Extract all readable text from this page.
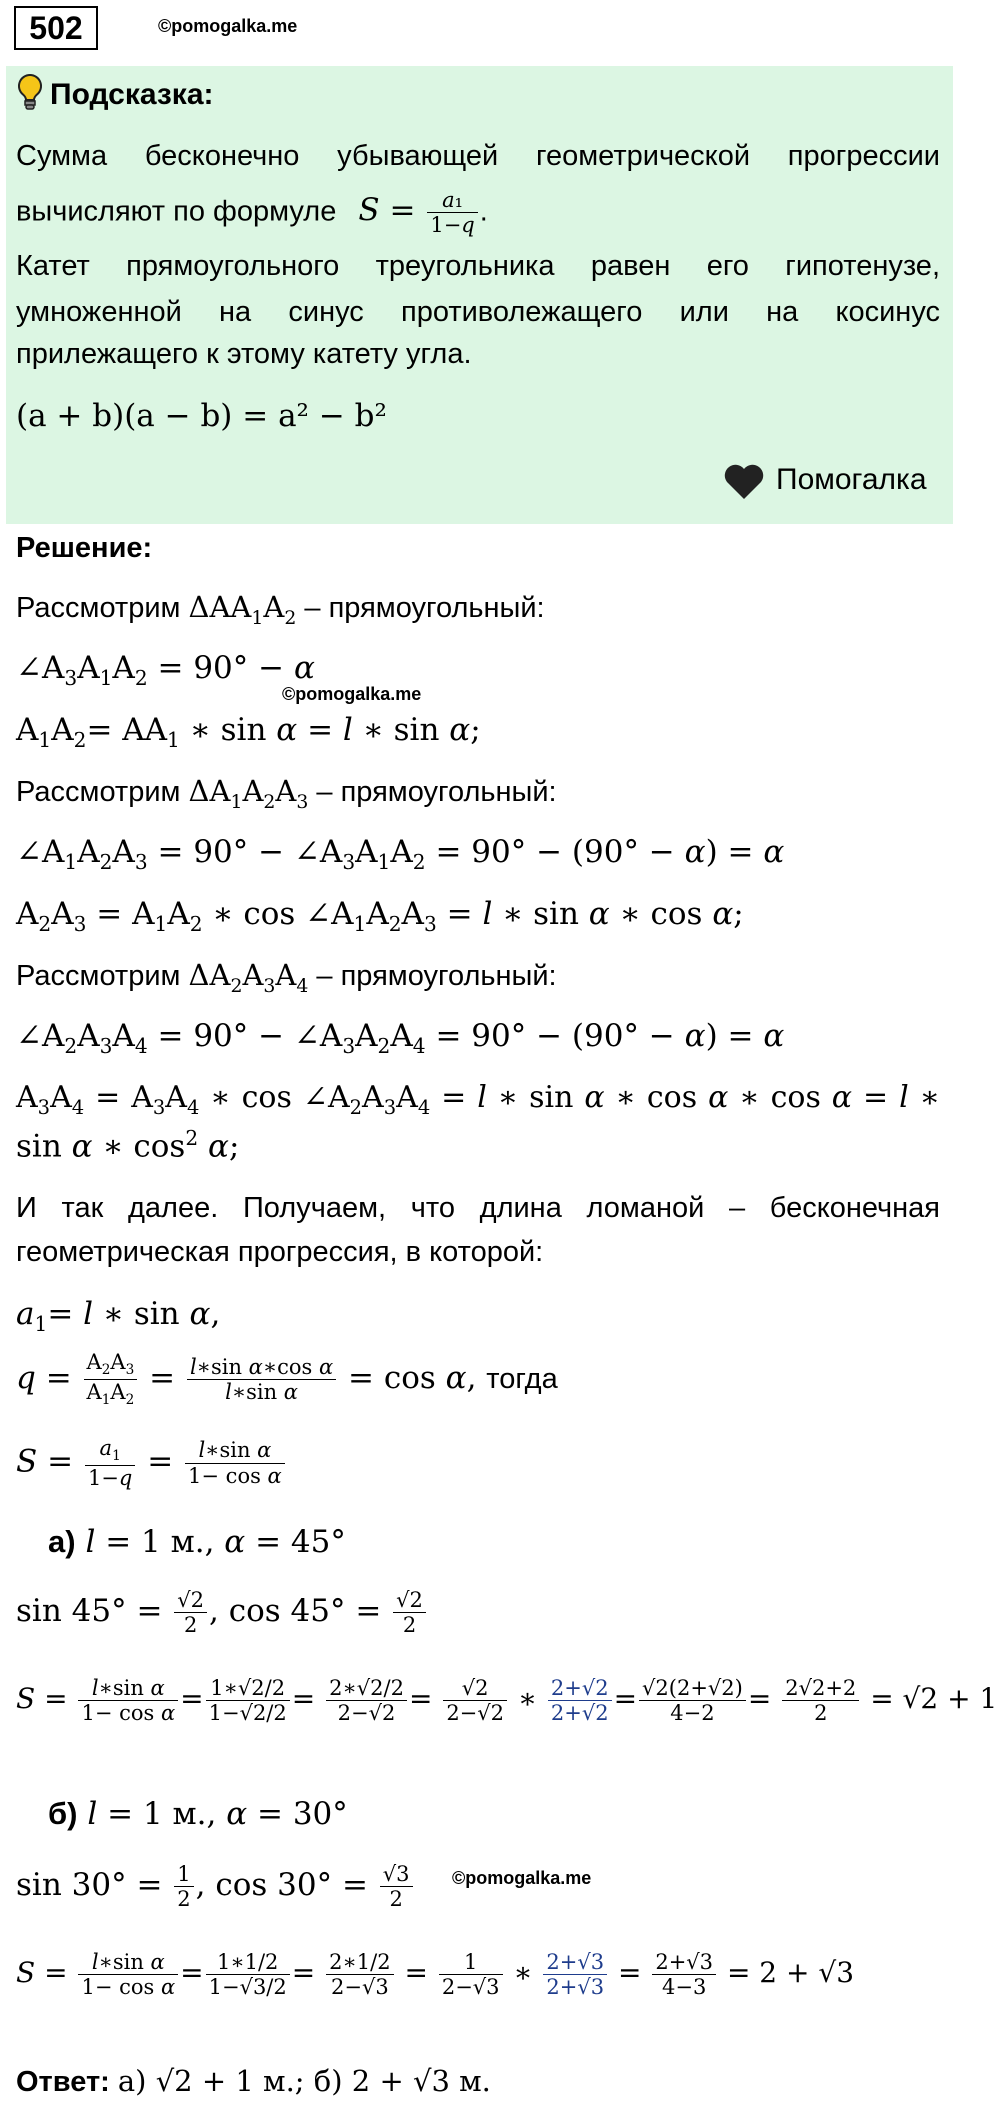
502	©pomogalka.me
Подсказка:
Сумма бесконечно убывающей геометрической прогрессии
вычисляют по формуле $S = \frac{\text{a₁}}{1-q}$ .
Катет прямоугольного треугольника равен его гипотенузе,
умноженной на синус противолежащего или на косинус
прилежащего к этому катету угла.
(a + b)(a − b) = a² − b²
Помогалка
Решение:
Рассмотрим $\Delta AA_1A_2$ – прямоугольный:
$\angle A_3A_1A_2 = 90^\circ - \alpha$
©pomogalka.me
$A_1A_2= AA_1$ ∗ sin α = l ∗ sin α;
Рассмотрим $\Delta A_1A_2A_3$ – прямоугольный:
$\angle A_1A_2A_3 = 90^\circ$ − $\angle A_3A_1A_2 = 90^\circ - (90^\circ - \alpha) = \alpha$
$A_2A_3 = A_1A_2$ ∗ $\cos \angle A_1A_2A_3 = l$ ∗ sin α ∗ cos α;
Рассмотрим $\Delta A_2A_3A_4$ – прямоугольный:
$\angle A_2A_3A_4 = 90^\circ$ − $\angle A_3A_2A_4 = 90^\circ - (90^\circ - \alpha) = \alpha$
$A_3A_4 = A_3A_4$ ∗ $\cos \angle A_2A_3A_4 = l$ ∗ sin α ∗ cos α ∗ cos α = l ∗
sin α ∗ $\cos^2 \alpha$;
И так далее. Получаем, что длина ломаной – бесконечная
геометрическая прогрессия, в которой:
$a_1= l$ ∗ sin α,
$q = \frac{A_2A_3}{A_1A_2} = \frac{\text{l∗sin α∗cos α}}{\text{l∗sin α}} = \cos \alpha$, тогда
$S = \frac{a_1}{1-q} = \frac{\text{l∗sin α}}{\text{1− cos α}}$
а) l = 1 м., α = 45°
$\sin 45^\circ = \frac{√2}{2}$ , $\cos 45^\circ = \frac{√2}{2}$
$S = \frac{\text{l∗sin α}}{\text{1− cos α}} = \frac{1∗√2/2}{1-√2/2} = \frac{2∗√2/2}{2-√2} = \frac{√2}{2-√2}$ ∗ $\frac{2+√2}{2+√2} = \frac{√2(2+√2)}{4-2} = \frac{2√2+2}{2} = √2 + 1$
б) l = 1 м., α = 30°
$\sin 30^\circ = \frac{1}{2}$ , $\cos 30^\circ = \frac{√3}{2}$ ©pomogalka.me
$S = \frac{\text{l∗sin α}}{\text{1− cos α}} = \frac{1∗1/2}{1-√3/2} = \frac{2∗1/2}{2-√3} = \frac{1}{2-√3}$ ∗ $\frac{2+√3}{2+√3} = \frac{2+√3}{4-3} = 2 + √3$
Ответ: а) √2 + 1 м.; б) 2 + √3 м.
